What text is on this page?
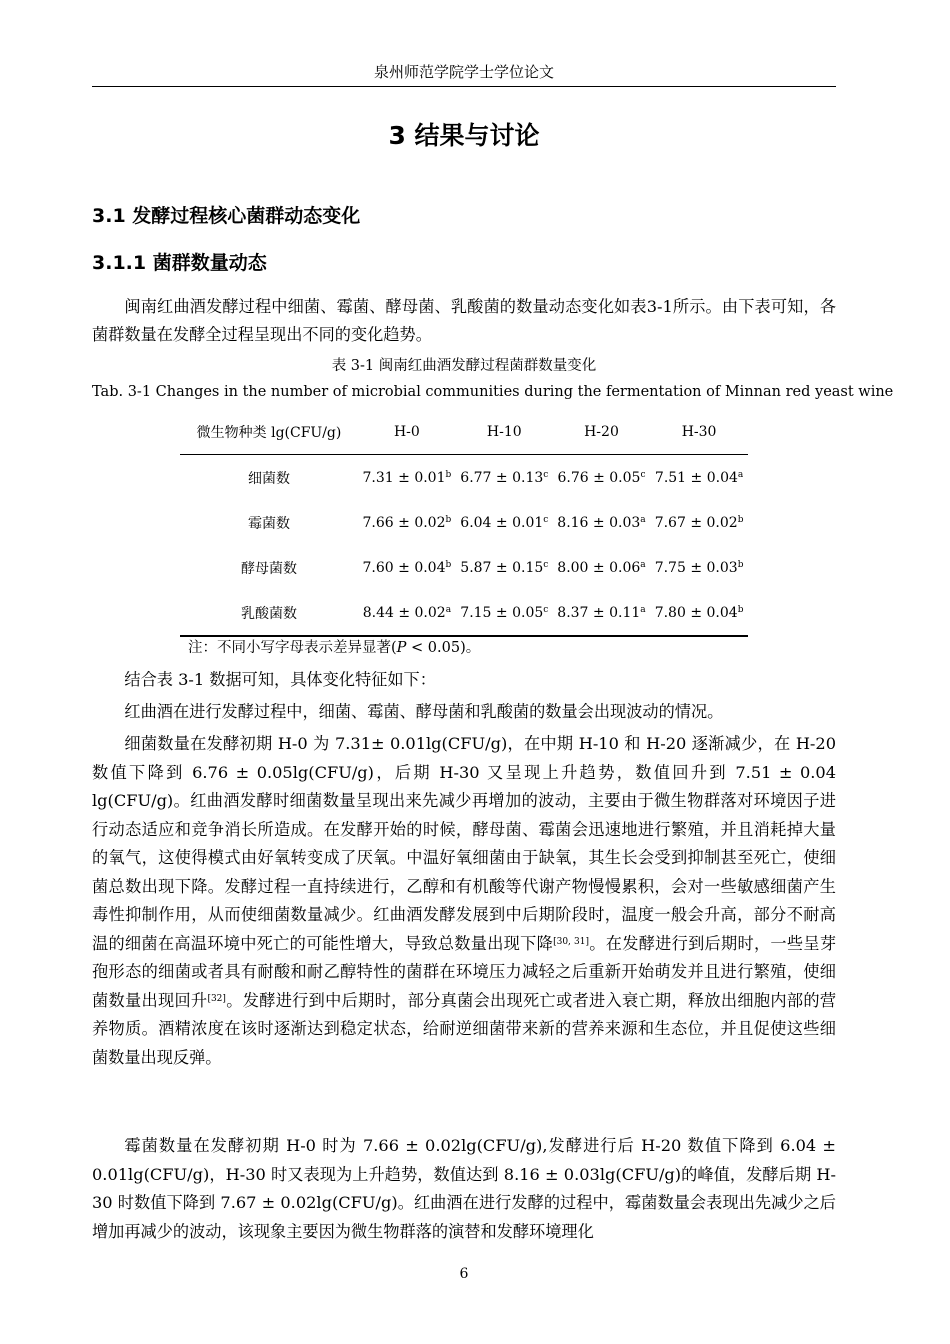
泉州师范学院学士学位论文
3 结果与讨论
3.1 发酵过程核心菌群动态变化
3.1.1 菌群数量动态

闽南红曲酒发酵过程中细菌、霉菌、酵母菌、乳酸菌的数量动态变化如表3-1所示。由下表可知，各菌群数量在发酵全过程呈现出不同的变化趋势。

表 3-1 闽南红曲酒发酵过程菌群数量变化
Tab. 3-1 Changes in the number of microbial communities during the fermentation of Minnan red yeast wine
微生物种类 lg(CFU/g)	H-0	H-10	H-20	H-30
细菌数	7.31 ± 0.01$^b$	6.77 ± 0.13$^c$	6.76 ± 0.05$^c$	7.51 ± 0.04$^a$
霉菌数	7.66 ± 0.02$^b$	6.04 ± 0.01$^c$	8.16 ± 0.03$^a$	7.67 ± 0.02$^b$
酵母菌数	7.60 ± 0.04$^b$	5.87 ± 0.15$^c$	8.00 ± 0.06$^a$	7.75 ± 0.03$^b$
乳酸菌数	8.44 ± 0.02$^a$	7.15 ± 0.05$^c$	8.37 ± 0.11$^a$	7.80 ± 0.04$^b$
注：不同小写字母表示差异显著(P < 0.05)。

结合表 3-1 数据可知，具体变化特征如下：

红曲酒在进行发酵过程中，细菌、霉菌、酵母菌和乳酸菌的数量会出现波动的情况。

细菌数量在发酵初期 H-0 为 7.31± 0.01lg(CFU/g)，在中期 H-10 和 H-20 逐渐减少，在 H-20 数值下降到 6.76 ± 0.05lg(CFU/g)，后期 H-30 又呈现上升趋势，数值回升到 7.51 ± 0.04 lg(CFU/g)。红曲酒发酵时细菌数量呈现出来先减少再增加的波动，主要由于微生物群落对环境因子进行动态适应和竞争消长所造成。在发酵开始的时候，酵母菌、霉菌会迅速地进行繁殖，并且消耗掉大量的氧气，这使得模式由好氧转变成了厌氧。中温好氧细菌由于缺氧，其生长会受到抑制甚至死亡，使细菌总数出现下降。发酵过程一直持续进行，乙醇和有机酸等代谢产物慢慢累积，会对一些敏感细菌产生毒性抑制作用，从而使细菌数量减少。红曲酒发酵发展到中后期阶段时，温度一般会升高，部分不耐高温的细菌在高温环境中死亡的可能性增大，导致总数量出现下降[30, 31]。在发酵进行到后期时，一些呈芽孢形态的细菌或者具有耐酸和耐乙醇特性的菌群在环境压力减轻之后重新开始萌发并且进行繁殖，使细菌数量出现回升[32]。发酵进行到中后期时，部分真菌会出现死亡或者进入衰亡期，释放出细胞内部的营养物质。酒精浓度在该时逐渐达到稳定状态，给耐逆细菌带来新的营养来源和生态位，并且促使这些细菌数量出现反弹。

霉菌数量在发酵初期 H-0 时为 7.66 ± 0.02lg(CFU/g),发酵进行后 H-20 数值下降到 6.04 ± 0.01lg(CFU/g)，H-30 时又表现为上升趋势，数值达到 8.16 ± 0.03lg(CFU/g)的峰值，发酵后期 H-30 时数值下降到 7.67 ± 0.02lg(CFU/g)。红曲酒在进行发酵的过程中，霉菌数量会表现出先减少之后增加再减少的波动，该现象主要因为微生物群落的演替和发酵环境理化

6
